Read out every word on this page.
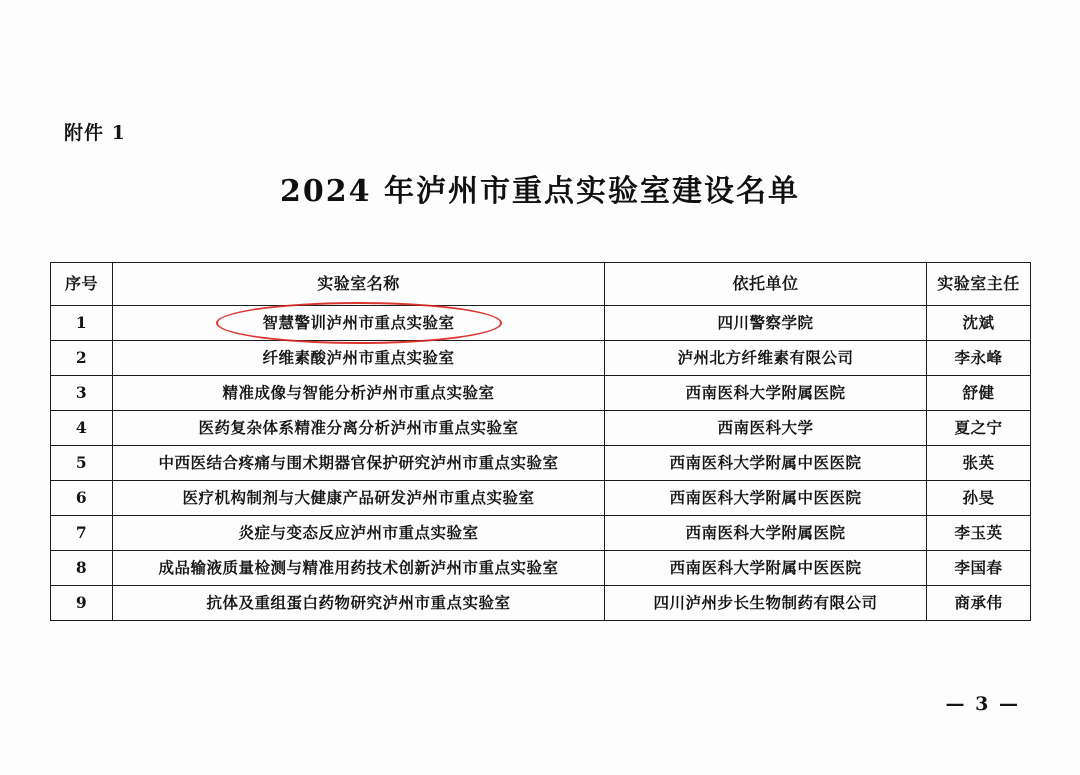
附件 1
2024 年泸州市重点实验室建设名单
序号	实验室名称	依托单位	实验室主任
1	智慧警训泸州市重点实验室	四川警察学院	沈斌
2	纤维素酸泸州市重点实验室	泸州北方纤维素有限公司	李永峰
3	精准成像与智能分析泸州市重点实验室	西南医科大学附属医院	舒健
4	医药复杂体系精准分离分析泸州市重点实验室	西南医科大学	夏之宁
5	中西医结合疼痛与围术期器官保护研究泸州市重点实验室	西南医科大学附属中医医院	张英
6	医疗机构制剂与大健康产品研发泸州市重点实验室	西南医科大学附属中医医院	孙旻
7	炎症与变态反应泸州市重点实验室	西南医科大学附属医院	李玉英
8	成品输液质量检测与精准用药技术创新泸州市重点实验室	西南医科大学附属中医医院	李国春
9	抗体及重组蛋白药物研究泸州市重点实验室	四川泸州步长生物制药有限公司	商承伟
— 3 —
